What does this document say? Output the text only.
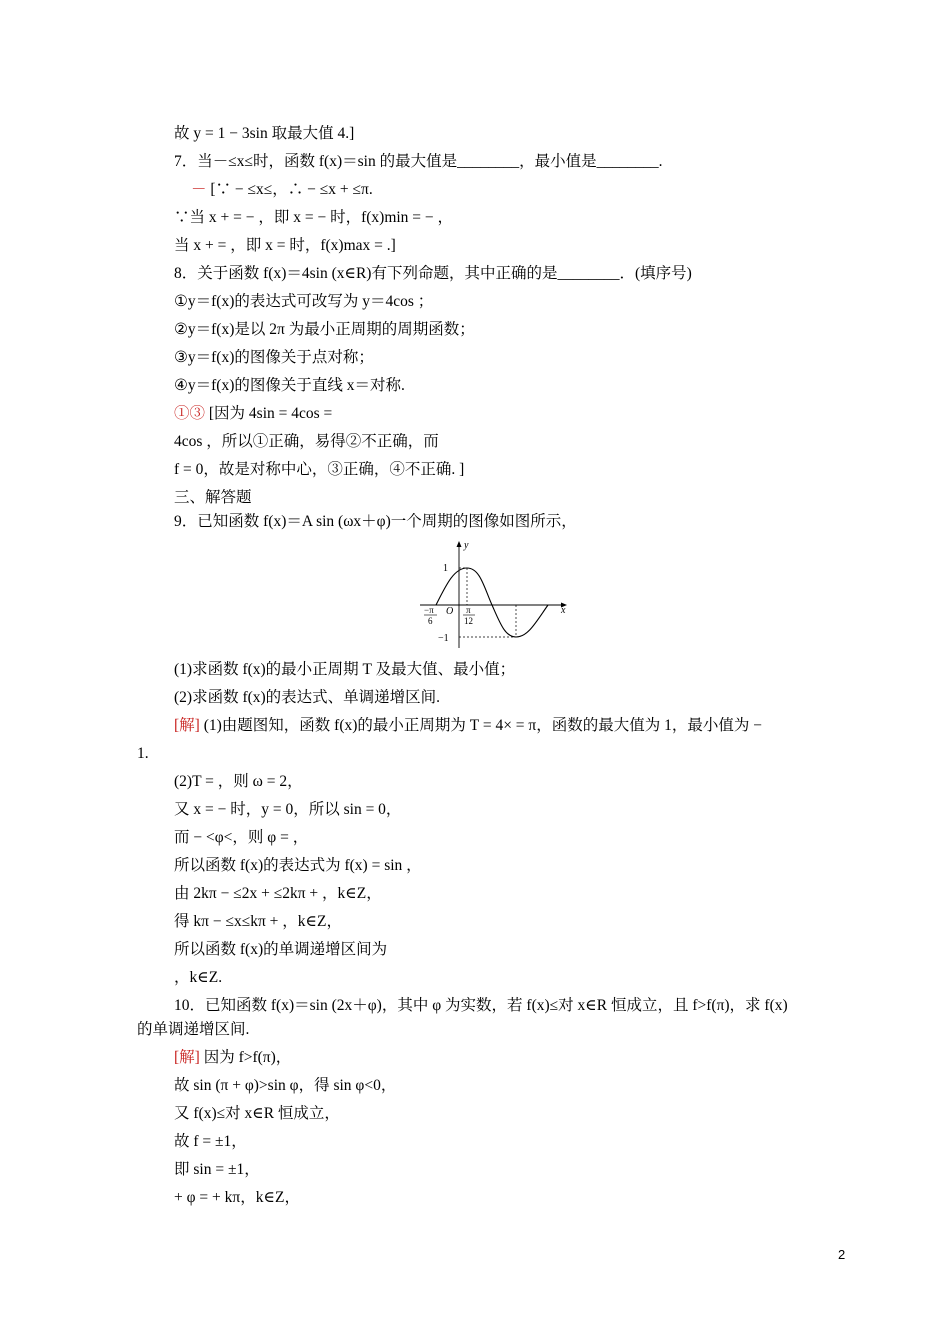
故 y = 1 − 3sin 取最大值 4.]
7．当－≤x≤时，函数 f(x)＝sin 的最大值是________，最小值是________.
－ [∵ − ≤x≤，∴ − ≤x + ≤π.
∵当 x + = − ，即 x = − 时，f(x)min = − ，
当 x + = ，即 x = 时，f(x)max = .]
8．关于函数 f(x)＝4sin (x∈R)有下列命题，其中正确的是________．(填序号)
①y＝f(x)的表达式可改写为 y＝4cos ；
②y＝f(x)是以 2π 为最小正周期的周期函数；
③y＝f(x)的图像关于点对称；
④y＝f(x)的图像关于直线 x＝对称.
①③ [因为 4sin = 4cos =
4cos ，所以①正确，易得②不正确，而
f = 0，故是对称中心，③正确，④不正确. ]
三、解答题
9．已知函数 f(x)＝A sin (ωx＋φ)一个周期的图像如图所示，
(1)求函数 f(x)的最小正周期 T 及最大值、最小值；
(2)求函数 f(x)的表达式、单调递增区间.
[解] (1)由题图知，函数 f(x)的最小正周期为 T = 4× = π，函数的最大值为 1，最小值为 −
1.
(2)T = ，则 ω = 2，
又 x = − 时，y = 0，所以 sin = 0，
而 − <φ<，则 φ = ，
所以函数 f(x)的表达式为 f(x) = sin ，
由 2kπ − ≤2x + ≤2kπ + ，k∈Z，
得 kπ − ≤x≤kπ + ，k∈Z，
所以函数 f(x)的单调递增区间为
，k∈Z.
10．已知函数 f(x)＝sin (2x＋φ)，其中 φ 为实数，若 f(x)≤对 x∈R 恒成立，且 f>f(π)，求 f(x)
的单调递增区间.
[解] 因为 f>f(π)，
故 sin (π + φ)>sin φ，得 sin φ<0，
又 f(x)≤对 x∈R 恒成立，
故 f = ±1，
即 sin = ±1，
+ φ = + kπ，k∈Z，
y
x
O
1
−1
−π
6
π
12
2
